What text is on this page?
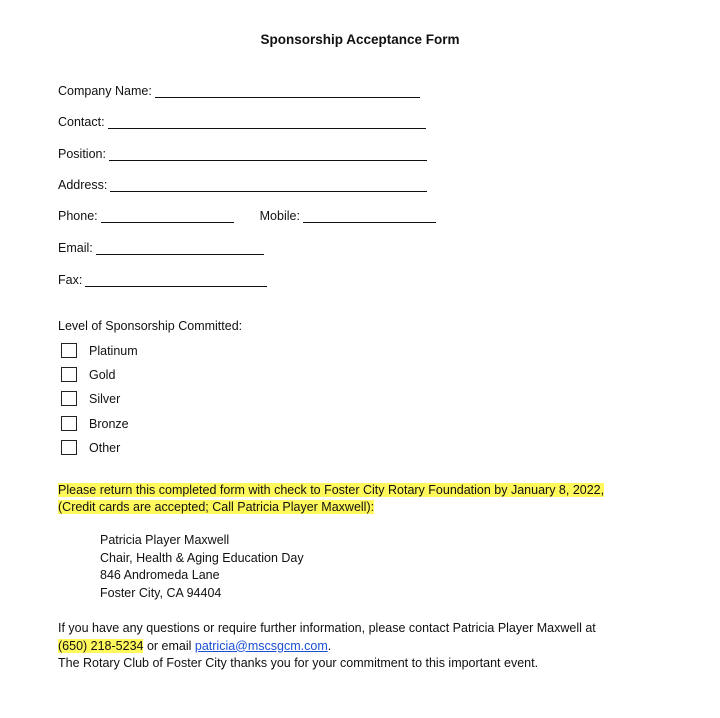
Sponsorship Acceptance Form
Company Name:
Contact:
Position:
Address:
Phone:	Mobile:
Email:
Fax:
Level of Sponsorship Committed:
Platinum
Gold
Silver
Bronze
Other
Please return this completed form with check to Foster City Rotary Foundation by January 8, 2022,
(Credit cards are accepted; Call Patricia Player Maxwell):
Patricia Player Maxwell
Chair, Health & Aging Education Day
846 Andromeda Lane
Foster City, CA 94404
If you have any questions or require further information, please contact Patricia Player Maxwell at
(650) 218-5234 or email patricia@mscsgcm.com.
The Rotary Club of Foster City thanks you for your commitment to this important event.
